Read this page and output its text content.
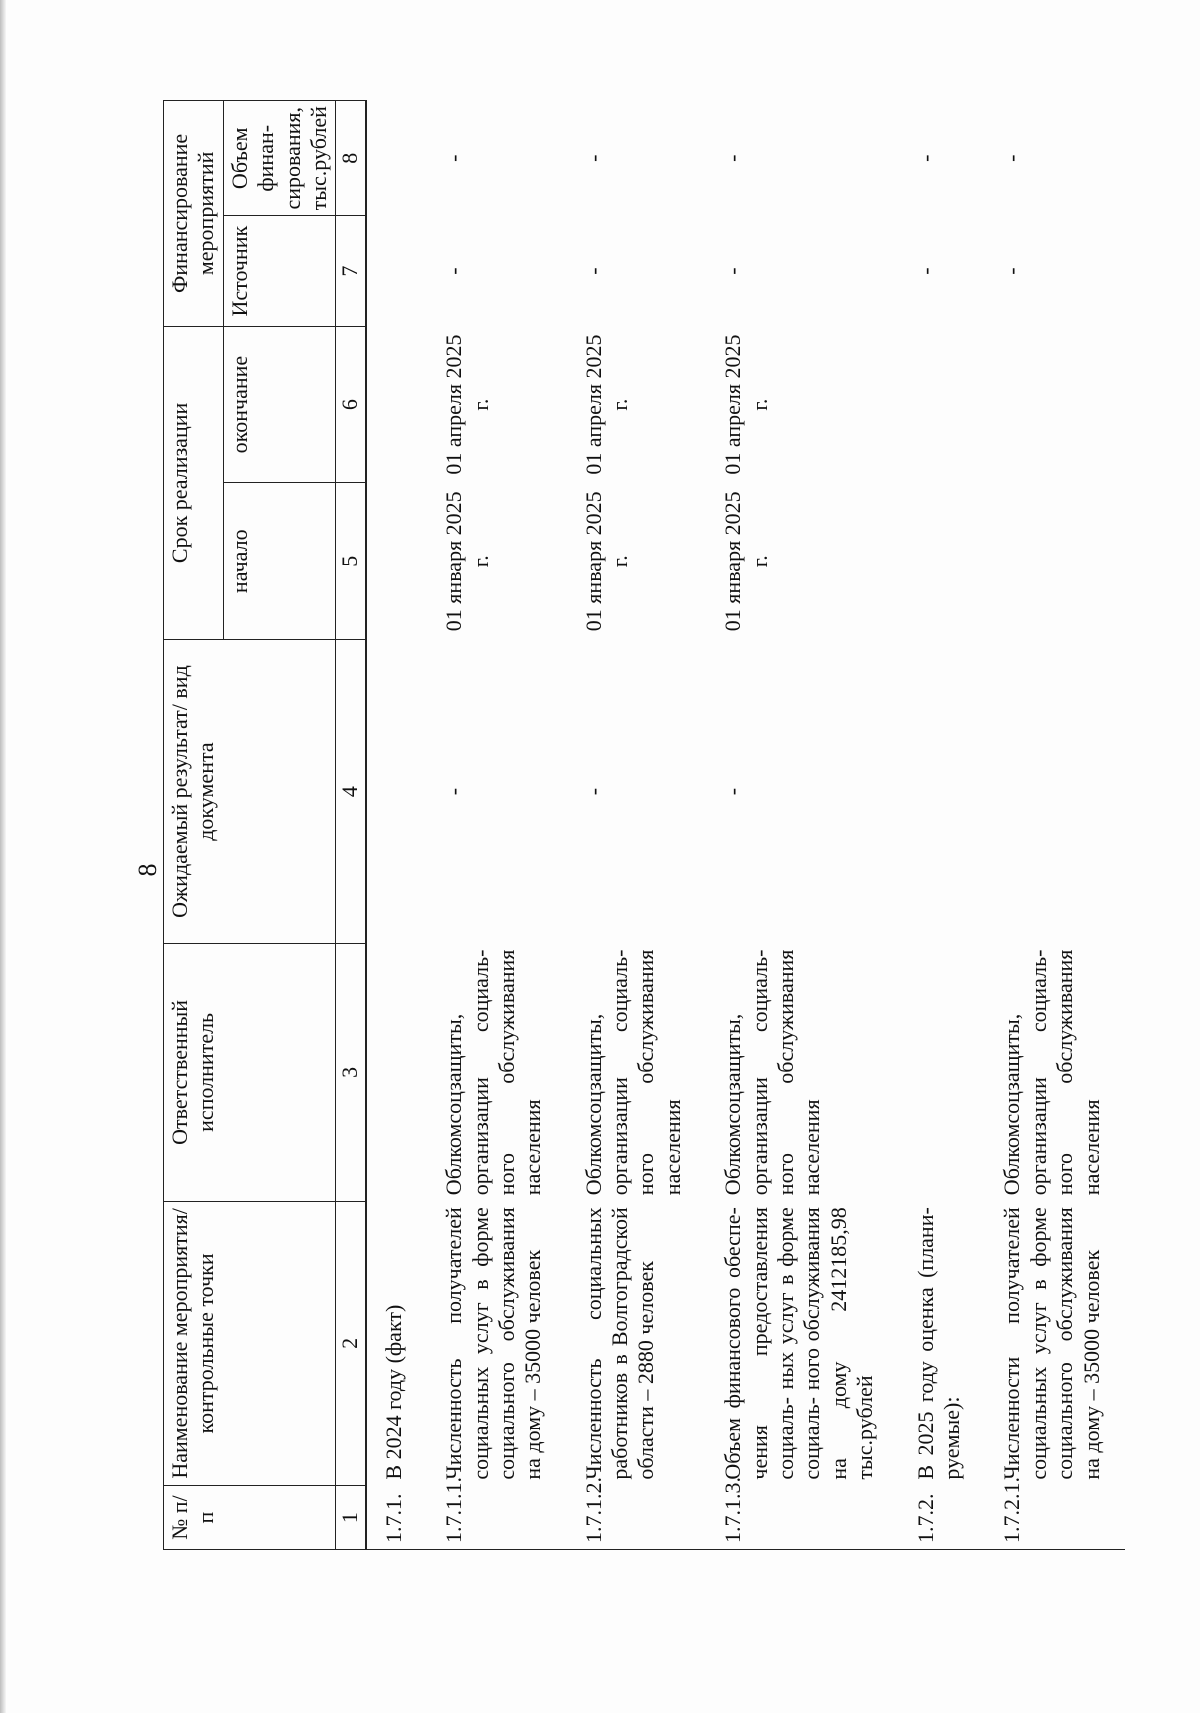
8
№ п/п	Наименование мероприятия/ контрольные точки	Ответственный исполнитель	Ожидаемый результат/ вид документа	Срок реализации		Финансирование мероприятий	
				начало	окончание	Источник	Объем финан- сирования, тыс.рублей
1	2	3	4	5	6	7	8
1.7.1.	В 2024 году (факт)						
1.7.1.1.	Численность получателей социальных услуг в форме социального обслуживания на дому – 35000 человек	Облкомсоцзащиты, организации социаль- ного обслуживания населения	-	01 января 2025 г.	01 апреля 2025 г.	-	-
1.7.1.2.	Численность социальных работников в Волгоградской области – 2880 человек	Облкомсоцзащиты, организации социаль- ного обслуживания населения	-	01 января 2025 г.	01 апреля 2025 г.	-	-
1.7.1.3.	Объем финансового обеспе- чения предоставления социаль- ных услуг в форме социаль- ного обслуживания на дому 2412185,98 тыс.рублей	Облкомсоцзащиты, организации социаль- ного обслуживания населения	-	01 января 2025 г.	01 апреля 2025 г.	-	-
1.7.2.	В 2025 году оценка (плани- руемые):					-	-
1.7.2.1.	Численности получателей социальных услуг в форме социального обслуживания на дому – 35000 человек	Облкомсоцзащиты, организации социаль- ного обслуживания населения				-	-
